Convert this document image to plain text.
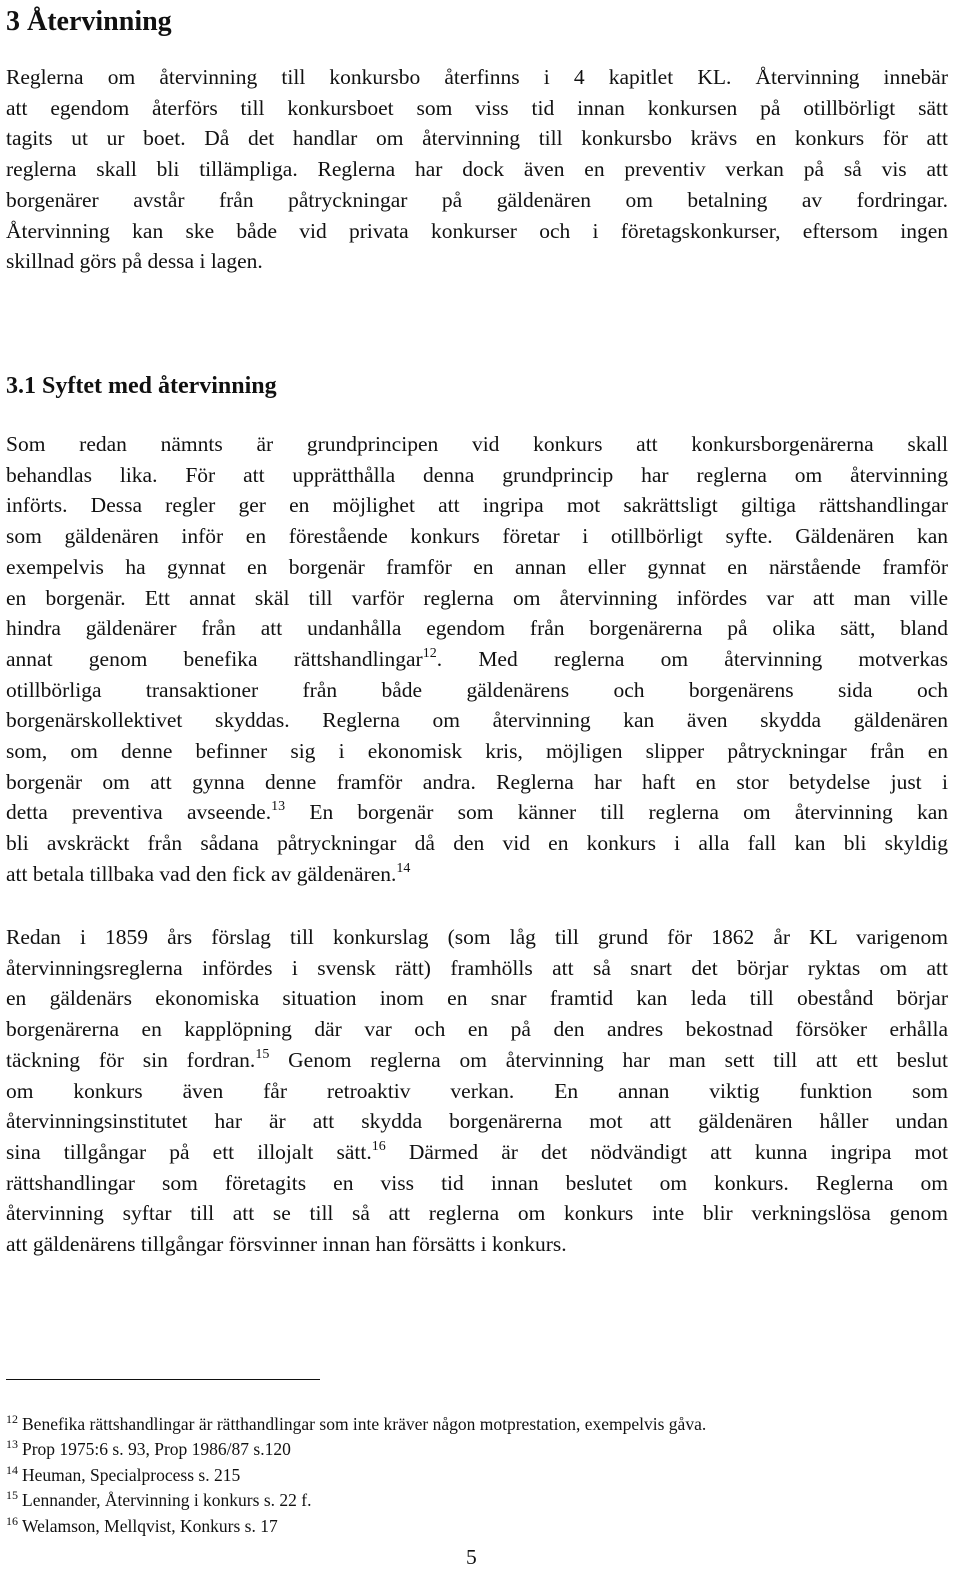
3 Återvinning
Reglerna om återvinning till konkursbo återfinns i 4 kapitlet KL. Återvinning innebär
att egendom återförs till konkursboet som viss tid innan konkursen på otillbörligt sätt
tagits ut ur boet. Då det handlar om återvinning till konkursbo krävs en konkurs för att
reglerna skall bli tillämpliga. Reglerna har dock även en preventiv verkan på så vis att
borgenärer avstår från påtryckningar på gäldenären om betalning av fordringar.
Återvinning kan ske både vid privata konkurser och i företagskonkurser, eftersom ingen
skillnad görs på dessa i lagen.
3.1 Syftet med återvinning
Som redan nämnts är grundprincipen vid konkurs att konkursborgenärerna skall
behandlas lika. För att upprätthålla denna grundprincip har reglerna om återvinning
införts. Dessa regler ger en möjlighet att ingripa mot sakrättsligt giltiga rättshandlingar
som gäldenären inför en förestående konkurs företar i otillbörligt syfte. Gäldenären kan
exempelvis ha gynnat en borgenär framför en annan eller gynnat en närstående framför
en borgenär. Ett annat skäl till varför reglerna om återvinning infördes var att man ville
hindra gäldenärer från att undanhålla egendom från borgenärerna på olika sätt, bland
annat genom benefika rättshandlingar$^{12}$. Med reglerna om återvinning motverkas
otillbörliga transaktioner från både gäldenärens och borgenärens sida och
borgenärskollektivet skyddas. Reglerna om återvinning kan även skydda gäldenären
som, om denne befinner sig i ekonomisk kris, möjligen slipper påtryckningar från en
borgenär om att gynna denne framför andra. Reglerna har haft en stor betydelse just i
detta preventiva avseende.$^{13}$ En borgenär som känner till reglerna om återvinning kan
bli avskräckt från sådana påtryckningar då den vid en konkurs i alla fall kan bli skyldig
att betala tillbaka vad den fick av gäldenären.$^{14}$
Redan i 1859 års förslag till konkurslag (som låg till grund för 1862 år KL varigenom
återvinningsreglerna infördes i svensk rätt) framhölls att så snart det börjar ryktas om att
en gäldenärs ekonomiska situation inom en snar framtid kan leda till obestånd börjar
borgenärerna en kapplöpning där var och en på den andres bekostnad försöker erhålla
täckning för sin fordran.$^{15}$ Genom reglerna om återvinning har man sett till att ett beslut
om konkurs även får retroaktiv verkan. En annan viktig funktion som
återvinningsinstitutet har är att skydda borgenärerna mot att gäldenären håller undan
sina tillgångar på ett illojalt sätt.$^{16}$ Därmed är det nödvändigt att kunna ingripa mot
rättshandlingar som företagits en viss tid innan beslutet om konkurs. Reglerna om
återvinning syftar till att se till så att reglerna om konkurs inte blir verkningslösa genom
att gäldenärens tillgångar försvinner innan han försätts i konkurs.
$^{12}$ Benefika rättshandlingar är rätthandlingar som inte kräver någon motprestation, exempelvis gåva.
$^{13}$ Prop 1975:6 s. 93, Prop 1986/87 s.120
$^{14}$ Heuman, Specialprocess s. 215
$^{15}$ Lennander, Återvinning i konkurs s. 22 f.
$^{16}$ Welamson, Mellqvist, Konkurs s. 17
5
